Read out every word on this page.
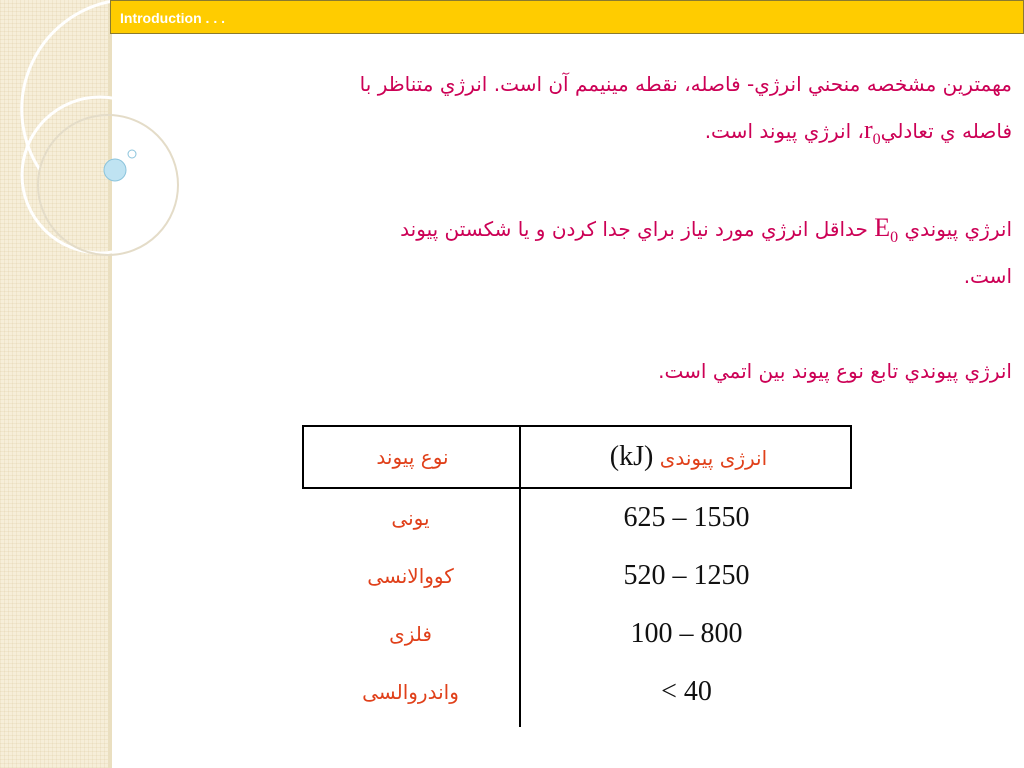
Introduction . . .
مهمترين مشخصه منحني انرژي- فاصله، نقطه مينيمم آن است. انرژي متناظر با
فاصله ي تعادليr$_0$، انرژي پيوند است.
انرژي پيوندي $E_0$ حداقل انرژي مورد نياز براي جدا كردن و يا شكستن پيوند
است.
انرژي پيوندي تابع نوع پيوند بين اتمي است.
نوع پیوند	انرژی پیوندی (kJ)
یونی	625 – 1550
کووالانسی	520 – 1250
فلزی	100 – 800
واندروالسی	< 40
